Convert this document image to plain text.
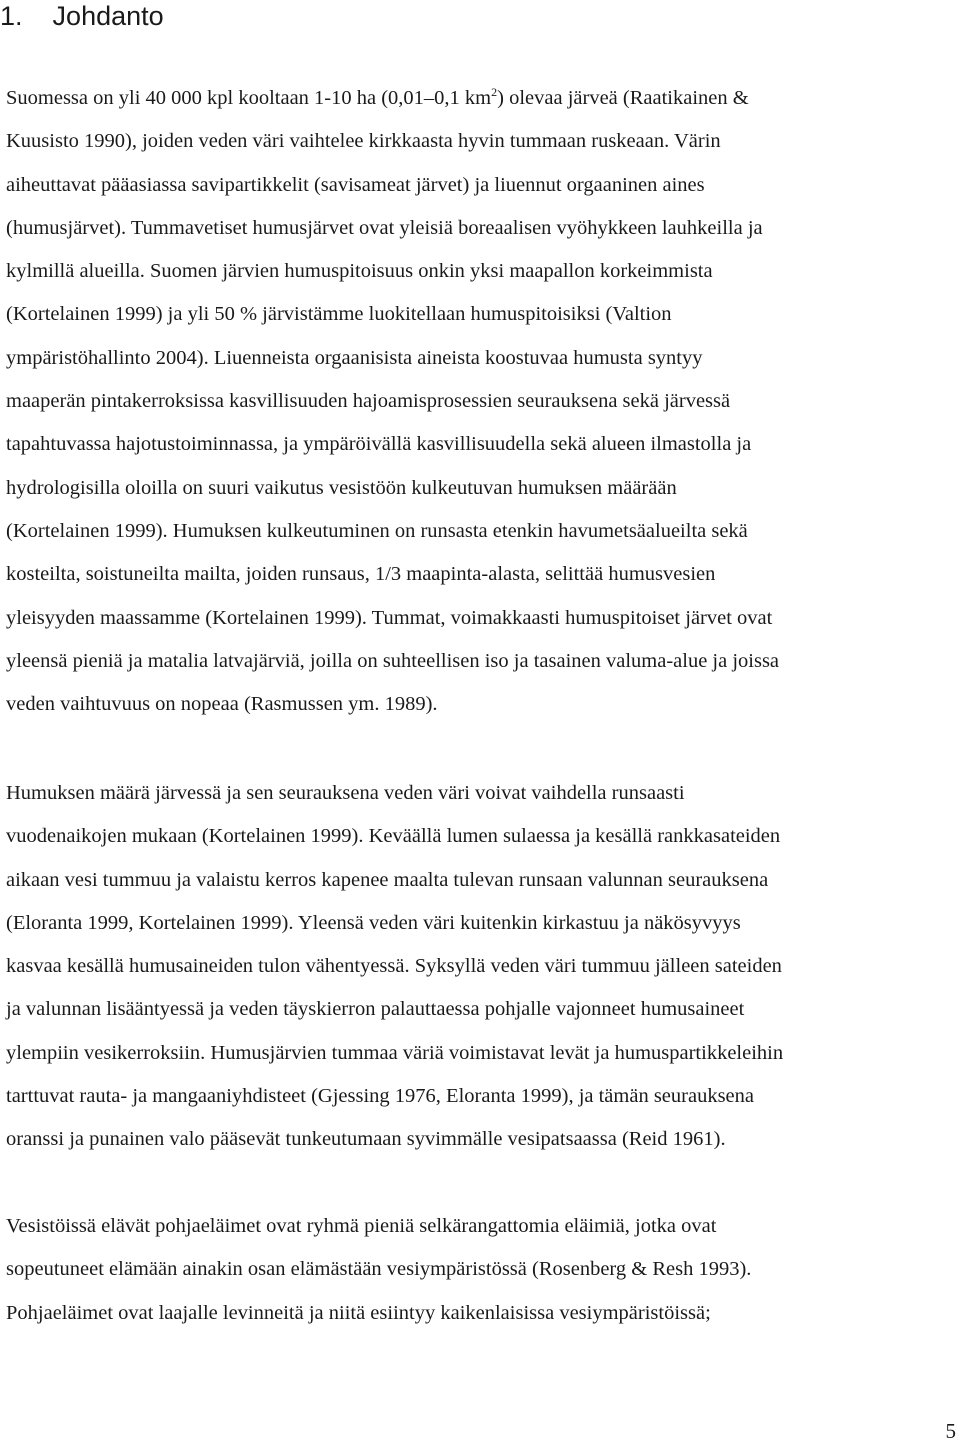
1. Johdanto
Suomessa on yli 40 000 kpl kooltaan 1-10 ha (0,01–0,1 $km^2$) olevaa järveä (Raatikainen &
Kuusisto 1990), joiden veden väri vaihtelee kirkkaasta hyvin tummaan ruskeaan. Värin
aiheuttavat pääasiassa savipartikkelit (savisameat järvet) ja liuennut orgaaninen aines
(humusjärvet). Tummavetiset humusjärvet ovat yleisiä boreaalisen vyöhykkeen lauhkeilla ja
kylmillä alueilla. Suomen järvien humuspitoisuus onkin yksi maapallon korkeimmista
(Kortelainen 1999) ja yli 50 % järvistämme luokitellaan humuspitoisiksi (Valtion
ympäristöhallinto 2004). Liuenneista orgaanisista aineista koostuvaa humusta syntyy
maaperän pintakerroksissa kasvillisuuden hajoamisprosessien seurauksena sekä järvessä
tapahtuvassa hajotustoiminnassa, ja ympäröivällä kasvillisuudella sekä alueen ilmastolla ja
hydrologisilla oloilla on suuri vaikutus vesistöön kulkeutuvan humuksen määrään
(Kortelainen 1999). Humuksen kulkeutuminen on runsasta etenkin havumetsäalueilta sekä
kosteilta, soistuneilta mailta, joiden runsaus, 1/3 maapinta-alasta, selittää humusvesien
yleisyyden maassamme (Kortelainen 1999). Tummat, voimakkaasti humuspitoiset järvet ovat
yleensä pieniä ja matalia latvajärviä, joilla on suhteellisen iso ja tasainen valuma-alue ja joissa
veden vaihtuvuus on nopeaa (Rasmussen ym. 1989).
Humuksen määrä järvessä ja sen seurauksena veden väri voivat vaihdella runsaasti
vuodenaikojen mukaan (Kortelainen 1999). Keväällä lumen sulaessa ja kesällä rankkasateiden
aikaan vesi tummuu ja valaistu kerros kapenee maalta tulevan runsaan valunnan seurauksena
(Eloranta 1999, Kortelainen 1999). Yleensä veden väri kuitenkin kirkastuu ja näkösyvyys
kasvaa kesällä humusaineiden tulon vähentyessä. Syksyllä veden väri tummuu jälleen sateiden
ja valunnan lisääntyessä ja veden täyskierron palauttaessa pohjalle vajonneet humusaineet
ylempiin vesikerroksiin. Humusjärvien tummaa väriä voimistavat levät ja humuspartikkeleihin
tarttuvat rauta- ja mangaaniyhdisteet (Gjessing 1976, Eloranta 1999), ja tämän seurauksena
oranssi ja punainen valo pääsevät tunkeutumaan syvimmälle vesipatsaassa (Reid 1961).
Vesistöissä elävät pohjaeläimet ovat ryhmä pieniä selkärangattomia eläimiä, jotka ovat
sopeutuneet elämään ainakin osan elämästään vesiympäristössä (Rosenberg & Resh 1993).
Pohjaeläimet ovat laajalle levinneitä ja niitä esiintyy kaikenlaisissa vesiympäristöissä;
5
